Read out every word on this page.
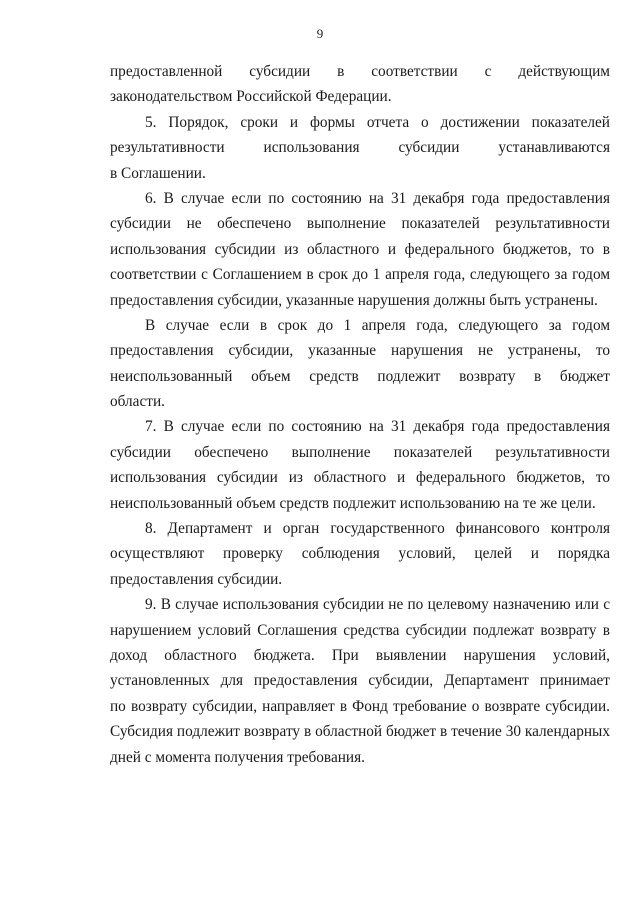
9
предоставленной субсидии в соответствии с действующим
законодательством Российской Федерации.
5. Порядок, сроки и формы отчета о достижении показателей
результативности использования субсидии устанавливаются
в Соглашении.
6. В случае если по состоянию на 31 декабря года предоставления
субсидии не обеспечено выполнение показателей результативности
использования субсидии из областного и федерального бюджетов, то в
соответствии с Соглашением в срок до 1 апреля года, следующего за годом
предоставления субсидии, указанные нарушения должны быть устранены.
В случае если в срок до 1 апреля года, следующего за годом
предоставления субсидии, указанные нарушения не устранены, то
неиспользованный объем средств подлежит возврату в бюджет
области.
7. В случае если по состоянию на 31 декабря года предоставления
субсидии обеспечено выполнение показателей результативности
использования субсидии из областного и федерального бюджетов, то
неиспользованный объем средств подлежит использованию на те же цели.
8. Департамент и орган государственного финансового контроля
осуществляют проверку соблюдения условий, целей и порядка
предоставления субсидии.
9. В случае использования субсидии не по целевому назначению или с
нарушением условий Соглашения средства субсидии подлежат возврату в
доход областного бюджета. При выявлении нарушения условий,
установленных для предоставления субсидии, Департамент принимает
по возврату субсидии, направляет в Фонд требование о возврате субсидии.
Субсидия подлежит возврату в областной бюджет в течение 30 календарных
дней с момента получения требования.
